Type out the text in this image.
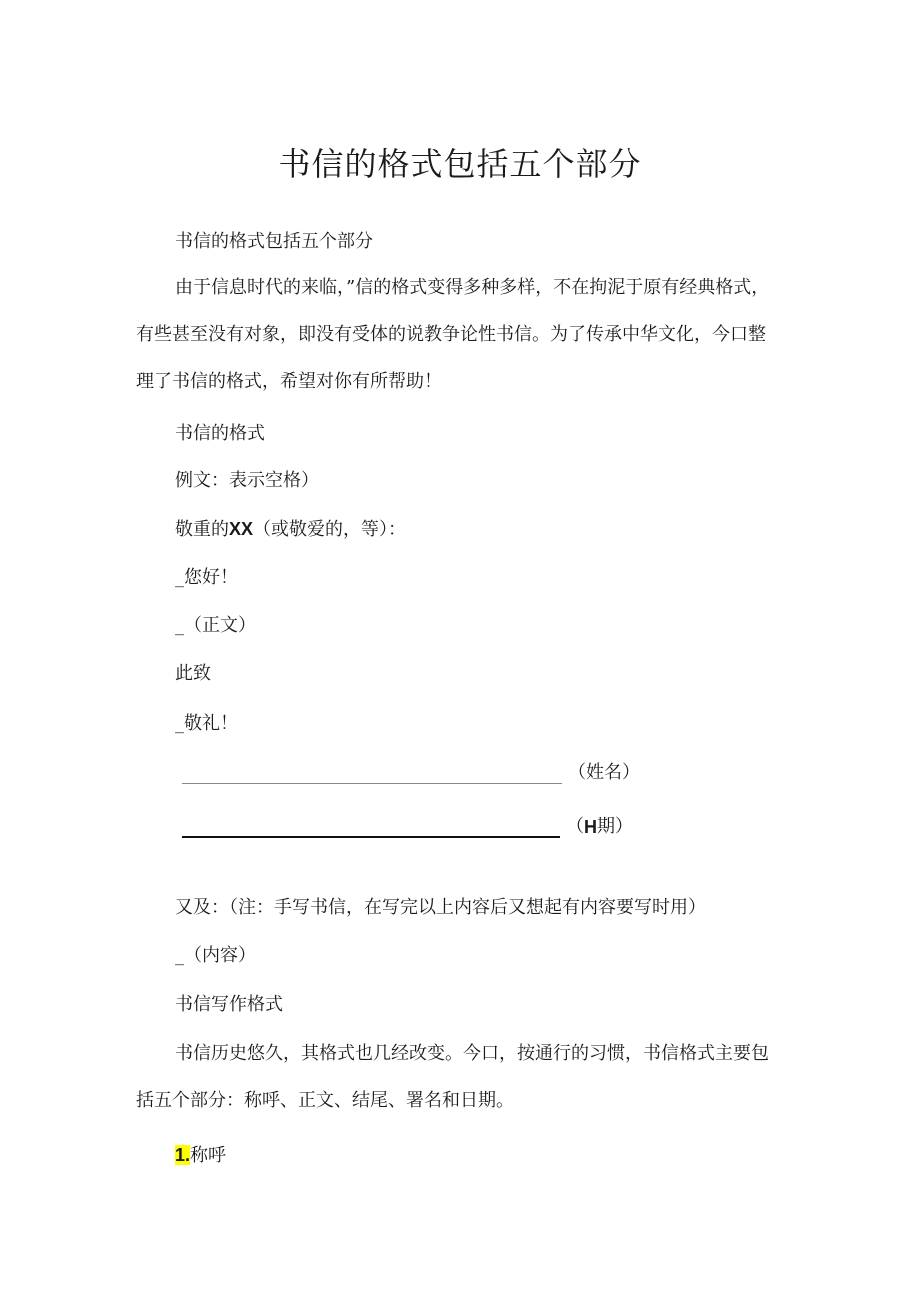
书信的格式包括五个部分
书信的格式包括五个部分
由于信息时代的来临，”信的格式变得多种多样，不在拘泥于原有经典格式，
有些甚至没有对象，即没有受体的说教争论性书信。为了传承中华文化，今口整
理了书信的格式，希望对你有所帮助！
书信的格式
例文：表示空格）
敬重的XX（或敬爱的，等）：
_您好！
_（正文）
此致
_敬礼！
（姓名）
（ H 期）
又及：（注：手写书信，在写完以上内容后又想起有内容要写时用）
_（内容）
书信写作格式
书信历史悠久，其格式也几经改变。今口，按通行的习惯，书信格式主要包
括五个部分：称呼、正文、结尾、署名和日期。
1.称呼
